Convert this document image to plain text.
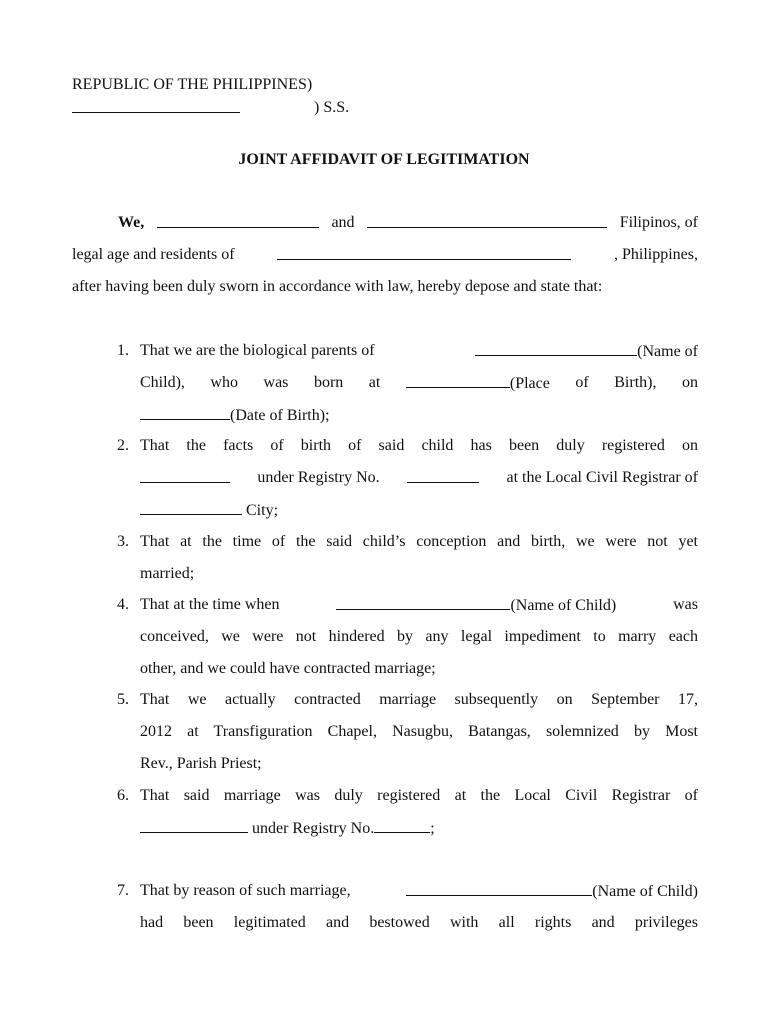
REPUBLIC OF THE PHILIPPINES)
) S.S.
JOINT AFFIDAVIT OF LEGITIMATION
We,	and	Filipinos, of
legal age and residents of	, Philippines,
after having been duly sworn in accordance with law, hereby depose and state that:
1. That we are the biological parents of	(Name of
Child), who was born at	(Place of Birth), on
(Date of Birth);
2. That the facts of birth of said child has been duly registered on
under Registry No.	at the Local Civil Registrar of
City;
3. That at the time of the said child’s conception and birth, we were not yet
married;
4. That at the time when	(Name of Child)	was
conceived, we were not hindered by any legal impediment to marry each
other, and we could have contracted marriage;
5. That we actually contracted marriage subsequently on September 17,
2012 at Transfiguration Chapel, Nasugbu, Batangas, solemnized by Most
Rev., Parish Priest;
6. That said marriage was duly registered at the Local Civil Registrar of
under Registry No.	;
7. That by reason of such marriage,	(Name of Child)
had been legitimated and bestowed with all rights and privileges
